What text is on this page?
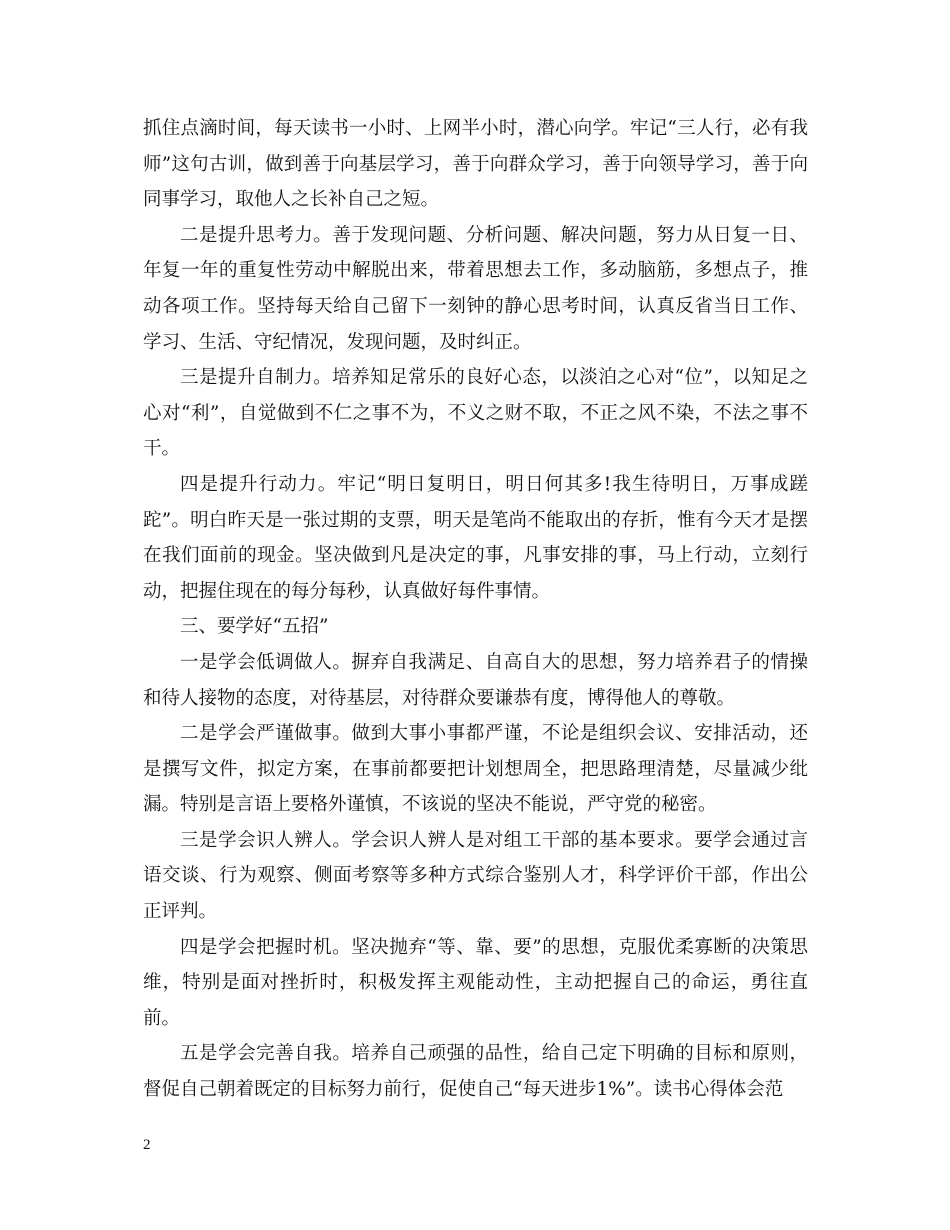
抓住点滴时间，每天读书一小时、上网半小时，潜心向学。牢记“三人行，必有我师”这句古训，做到善于向基层学习，善于向群众学习，善于向领导学习，善于向同事学习，取他人之长补自己之短。

二是提升思考力。善于发现问题、分析问题、解决问题，努力从日复一日、年复一年的重复性劳动中解脱出来，带着思想去工作，多动脑筋，多想点子，推动各项工作。坚持每天给自己留下一刻钟的静心思考时间，认真反省当日工作、学习、生活、守纪情况，发现问题，及时纠正。

三是提升自制力。培养知足常乐的良好心态，以淡泊之心对“位”，以知足之心对“利”，自觉做到不仁之事不为，不义之财不取，不正之风不染，不法之事不干。

四是提升行动力。牢记“明日复明日，明日何其多!我生待明日，万事成蹉跎”。明白昨天是一张过期的支票，明天是笔尚不能取出的存折，惟有今天才是摆在我们面前的现金。坚决做到凡是决定的事，凡事安排的事，马上行动，立刻行动，把握住现在的每分每秒，认真做好每件事情。

三、要学好“五招”

一是学会低调做人。摒弃自我满足、自高自大的思想，努力培养君子的情操和待人接物的态度，对待基层，对待群众要谦恭有度，博得他人的尊敬。

二是学会严谨做事。做到大事小事都严谨，不论是组织会议、安排活动，还是撰写文件，拟定方案，在事前都要把计划想周全，把思路理清楚，尽量减少纰漏。特别是言语上要格外谨慎，不该说的坚决不能说，严守党的秘密。

三是学会识人辨人。学会识人辨人是对组工干部的基本要求。要学会通过言语交谈、行为观察、侧面考察等多种方式综合鉴别人才，科学评价干部，作出公正评判。

四是学会把握时机。坚决抛弃“等、靠、要”的思想，克服优柔寡断的决策思维，特别是面对挫折时，积极发挥主观能动性，主动把握自己的命运，勇往直前。

五是学会完善自我。培养自己顽强的品性，给自己定下明确的目标和原则，督促自己朝着既定的目标努力前行，促使自己“每天进步1%”。读书心得体会范

2
